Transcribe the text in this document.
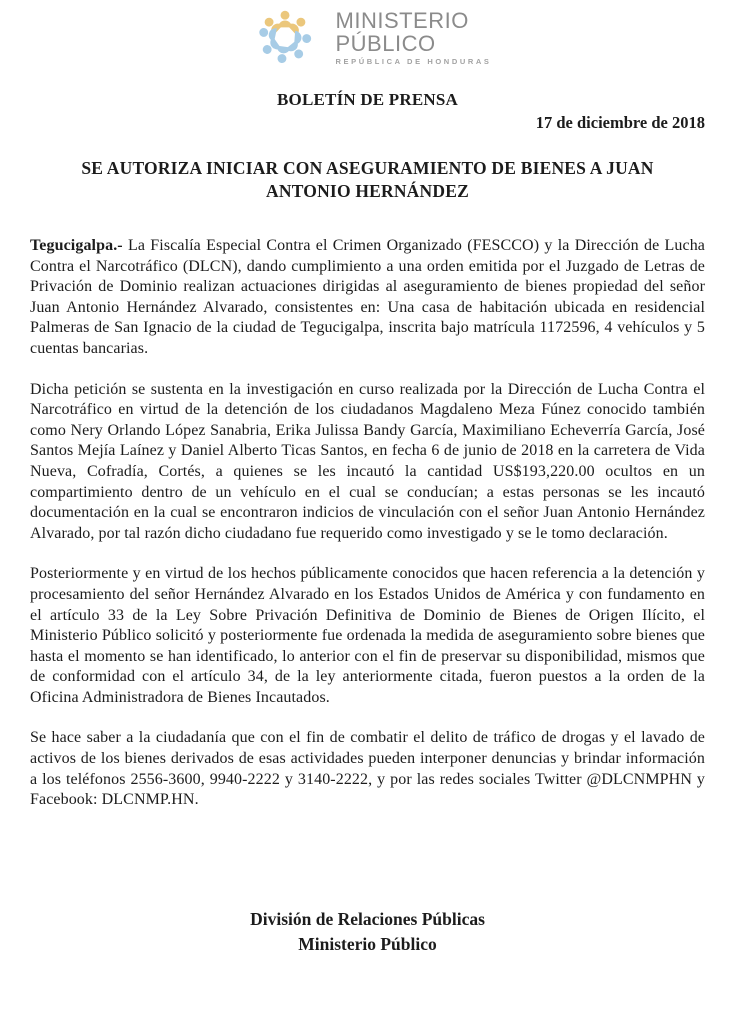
MINISTERIO
PÚBLICO
REPÚBLICA DE HONDURAS
BOLETÍN DE PRENSA
17 de diciembre de 2018
SE AUTORIZA INICIAR CON ASEGURAMIENTO DE BIENES A JUAN ANTONIO HERNÁNDEZ

Tegucigalpa.- La Fiscalía Especial Contra el Crimen Organizado (FESCCO) y la Dirección de Lucha Contra el Narcotráfico (DLCN), dando cumplimiento a una orden emitida por el Juzgado de Letras de Privación de Dominio realizan actuaciones dirigidas al aseguramiento de bienes propiedad del señor Juan Antonio Hernández Alvarado, consistentes en: Una casa de habitación ubicada en residencial Palmeras de San Ignacio de la ciudad de Tegucigalpa, inscrita bajo matrícula 1172596, 4 vehículos y 5 cuentas bancarias.

Dicha petición se sustenta en la investigación en curso realizada por la Dirección de Lucha Contra el Narcotráfico en virtud de la detención de los ciudadanos Magdaleno Meza Fúnez conocido también como Nery Orlando López Sanabria, Erika Julissa Bandy García, Maximiliano Echeverría García, José Santos Mejía Laínez y Daniel Alberto Ticas Santos, en fecha 6 de junio de 2018 en la carretera de Vida Nueva, Cofradía, Cortés, a quienes se les incautó la cantidad US$193,220.00 ocultos en un compartimiento dentro de un vehículo en el cual se conducían; a estas personas se les incautó documentación en la cual se encontraron indicios de vinculación con el señor Juan Antonio Hernández Alvarado, por tal razón dicho ciudadano fue requerido como investigado y se le tomo declaración.

Posteriormente y en virtud de los hechos públicamente conocidos que hacen referencia a la detención y procesamiento del señor Hernández Alvarado en los Estados Unidos de América y con fundamento en el artículo 33 de la Ley Sobre Privación Definitiva de Dominio de Bienes de Origen Ilícito, el Ministerio Público solicitó y posteriormente fue ordenada la medida de aseguramiento sobre bienes que hasta el momento se han identificado, lo anterior con el fin de preservar su disponibilidad, mismos que de conformidad con el artículo 34, de la ley anteriormente citada, fueron puestos a la orden de la Oficina Administradora de Bienes Incautados.

Se hace saber a la ciudadanía que con el fin de combatir el delito de tráfico de drogas y el lavado de activos de los bienes derivados de esas actividades pueden interponer denuncias y brindar información a los teléfonos 2556-3600, 9940-2222 y 3140-2222, y por las redes sociales Twitter @DLCNMPHN y Facebook: DLCNMP.HN.

División de Relaciones Públicas
Ministerio Público
